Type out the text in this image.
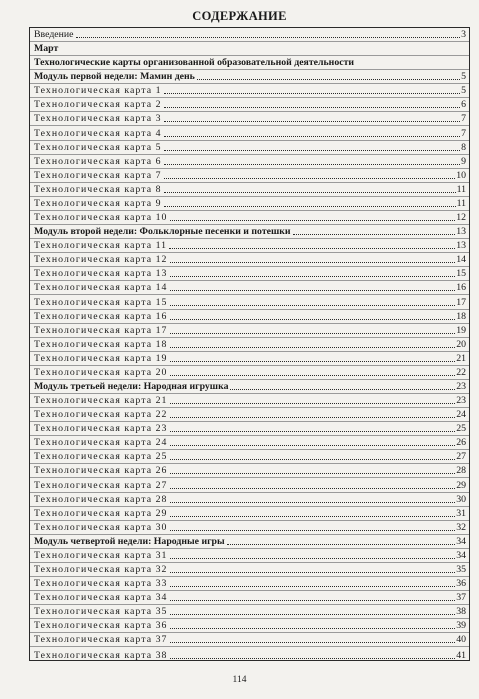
СОДЕРЖАНИЕ
Введение	3
Март
Технологические карты организованной образовательной деятельности
Модуль первой недели: Мамин день	5
Технологическая карта 1	5
Технологическая карта 2	6
Технологическая карта 3	7
Технологическая карта 4	7
Технологическая карта 5	8
Технологическая карта 6	9
Технологическая карта 7	10
Технологическая карта 8	11
Технологическая карта 9	11
Технологическая карта 10	12
Модуль второй недели: Фольклорные песенки и потешки	13
Технологическая карта 11	13
Технологическая карта 12	14
Технологическая карта 13	15
Технологическая карта 14	16
Технологическая карта 15	17
Технологическая карта 16	18
Технологическая карта 17	19
Технологическая карта 18	20
Технологическая карта 19	21
Технологическая карта 20	22
Модуль третьей недели: Народная игрушка	23
Технологическая карта 21	23
Технологическая карта 22	24
Технологическая карта 23	25
Технологическая карта 24	26
Технологическая карта 25	27
Технологическая карта 26	28
Технологическая карта 27	29
Технологическая карта 28	30
Технологическая карта 29	31
Технологическая карта 30	32
Модуль четвертой недели: Народные игры	34
Технологическая карта 31	34
Технологическая карта 32	35
Технологическая карта 33	36
Технологическая карта 34	37
Технологическая карта 35	38
Технологическая карта 36	39
Технологическая карта 37	40
Технологическая карта 38	41
114
